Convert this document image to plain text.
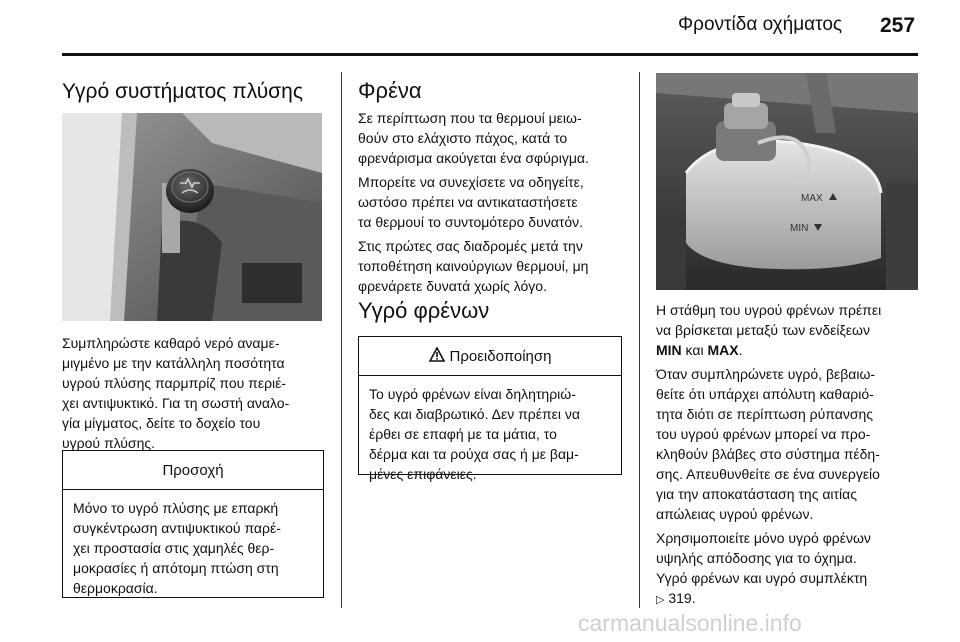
Φροντίδα οχήματος 257
Υγρό συστήματος πλύσης
Συμπληρώστε καθαρό νερό αναμε-
μιγμένο με την κατάλληλη ποσότητα
υγρού πλύσης παρμπρίζ που περιέ-
χει αντιψυκτικό. Για τη σωστή αναλο-
γία μίγματος, δείτε το δοχείο του
υγρού πλύσης.
Προσοχή
Μόνο το υγρό πλύσης με επαρκή
συγκέντρωση αντιψυκτικού παρέ-
χει προστασία στις χαμηλές θερ-
μοκρασίες ή απότομη πτώση στη
θερμοκρασία.
Φρένα

Σε περίπτωση που τα θερμουί μειω-
θούν στο ελάχιστο πάχος, κατά το
φρενάρισμα ακούγεται ένα σφύριγμα.

Μπορείτε να συνεχίσετε να οδηγείτε,
ωστόσο πρέπει να αντικαταστήσετε
τα θερμουί το συντομότερο δυνατόν.

Στις πρώτες σας διαδρομές μετά την
τοποθέτηση καινούργιων θερμουί, μη
φρενάρετε δυνατά χωρίς λόγο.

Υγρό φρένων
Προειδοποίηση
Το υγρό φρένων είναι δηλητηριώ-
δες και διαβρωτικό. Δεν πρέπει να
έρθει σε επαφή με τα μάτια, το
δέρμα και τα ρούχα σας ή με βαμ-
μένες επιφάνειες.
MAX
MIN

Η στάθμη του υγρού φρένων πρέπει
να βρίσκεται μεταξύ των ενδείξεων
MIN και MAX.

Όταν συμπληρώνετε υγρό, βεβαιω-
θείτε ότι υπάρχει απόλυτη καθαριό-
τητα διότι σε περίπτωση ρύπανσης
του υγρού φρένων μπορεί να προ-
κληθούν βλάβες στο σύστημα πέδη-
σης. Απευθυνθείτε σε ένα συνεργείο
για την αποκατάσταση της αιτίας
απώλειας υγρού φρένων.

Χρησιμοποιείτε μόνο υγρό φρένων
υψηλής απόδοσης για το όχημα.

Υγρό φρένων και υγρό συμπλέκτη
▷ 319.

carmanualsonline.info
